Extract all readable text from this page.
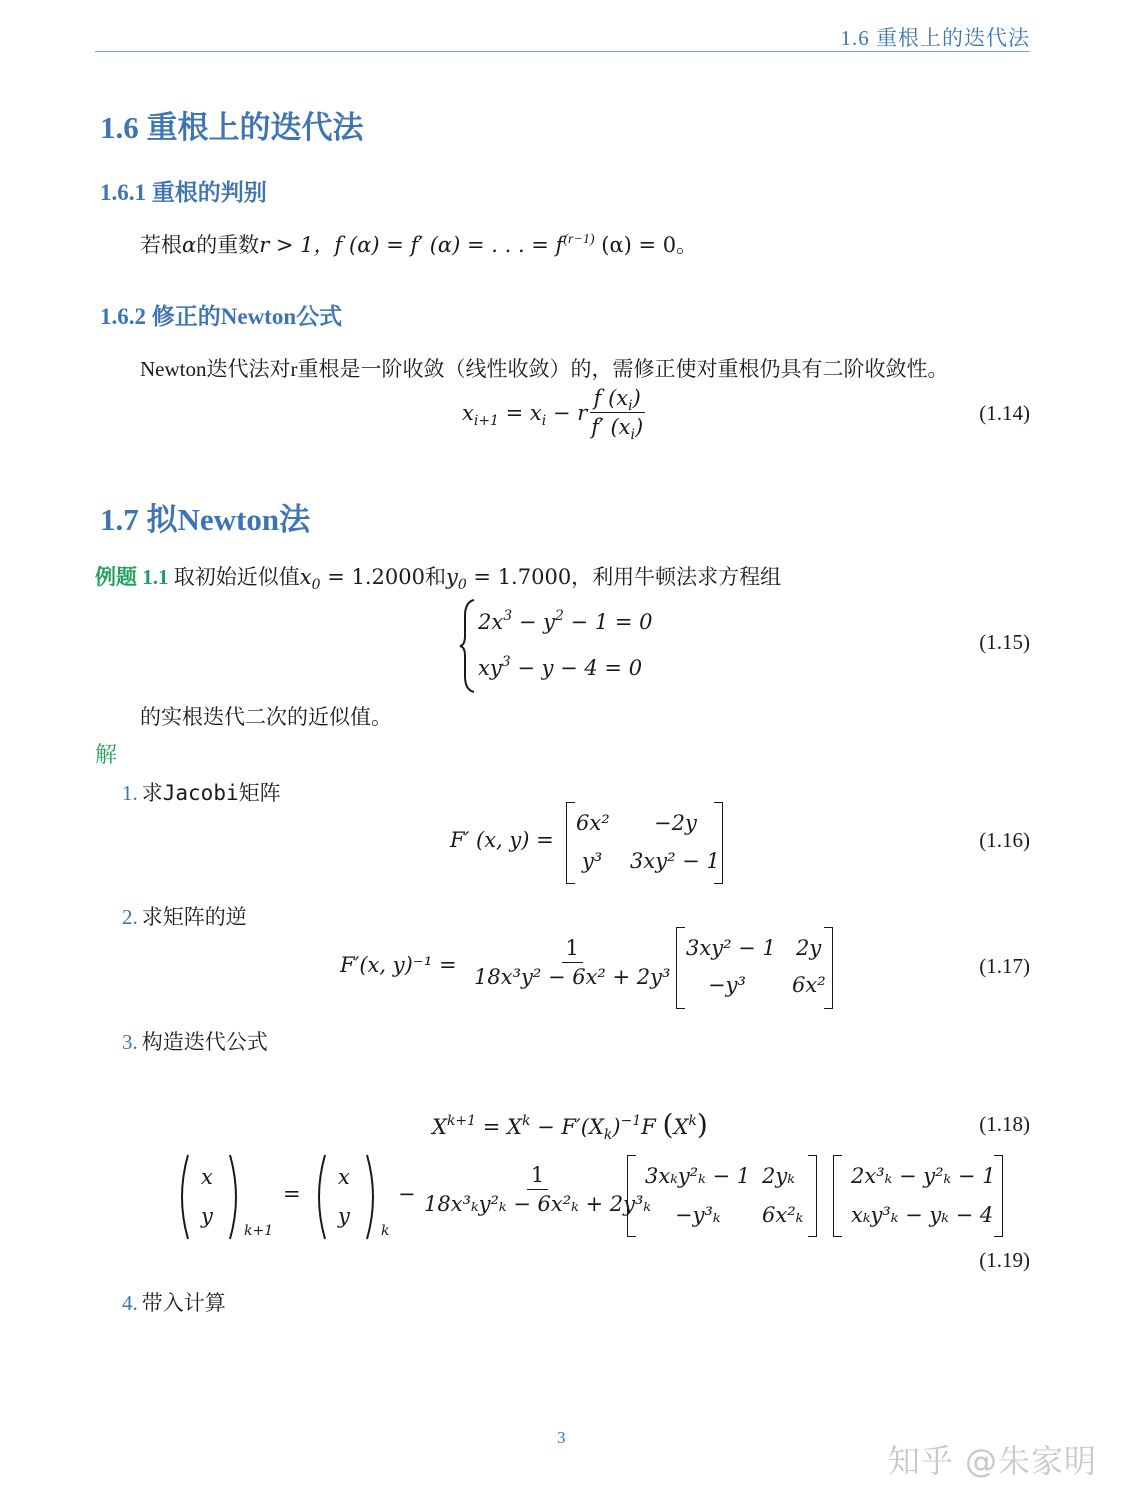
1.6 重根上的迭代法
1.6 重根上的迭代法
1.6.1 重根的判别
若根α的重数r > 1，f (α) = f′ (α) = . . . = $f^{(r-1)}$ (α) = 0。
1.6.2 修正的Newton公式
Newton迭代法对r重根是一阶收敛（线性收敛）的，需修正使对重根仍具有二阶收敛性。
$x_{i+1} = x_i - r \frac{f (x_i)}{f' (x_i)}$	(1.14)
1.7 拟Newton法
例题 1.1 取初始近似值$x_0 = 1.2000$和$y_0 = 1.7000$，利用牛顿法求方程组
$2x^3 - y^2 - 1 = 0$
$xy^3 - y - 4 = 0$
(1.15)
的实根迭代二次的近似值。
解
1. 求Jacobi矩阵
F′ (x, y) =
6x² −2y
y³ 3xy² − 1
(1.16)
2. 求矩阵的逆
F′(x, $y)^{-1} = \frac{1}{\text{18x³y² − 6x² + 2y³}} 3xy^2 - 1$ 2y
−y³ 6x²
(1.17)
3. 构造迭代公式
$X^{k+1} = X^k - F'(X_k)^{-1}F$ $(X^k)$	(1.18)
x
y
k+1
=
x
y
k
− $\frac{1}{\text{18x³ₖy²ₖ − 6x²ₖ + 2y³ₖ}}$
3xₖy²ₖ − 1 2yₖ
−y³ₖ 6x²ₖ
2x³ₖ − y²ₖ − 1
xₖy³ₖ − yₖ − 4
(1.19)
4. 带入计算
3
知乎 @朱家明
